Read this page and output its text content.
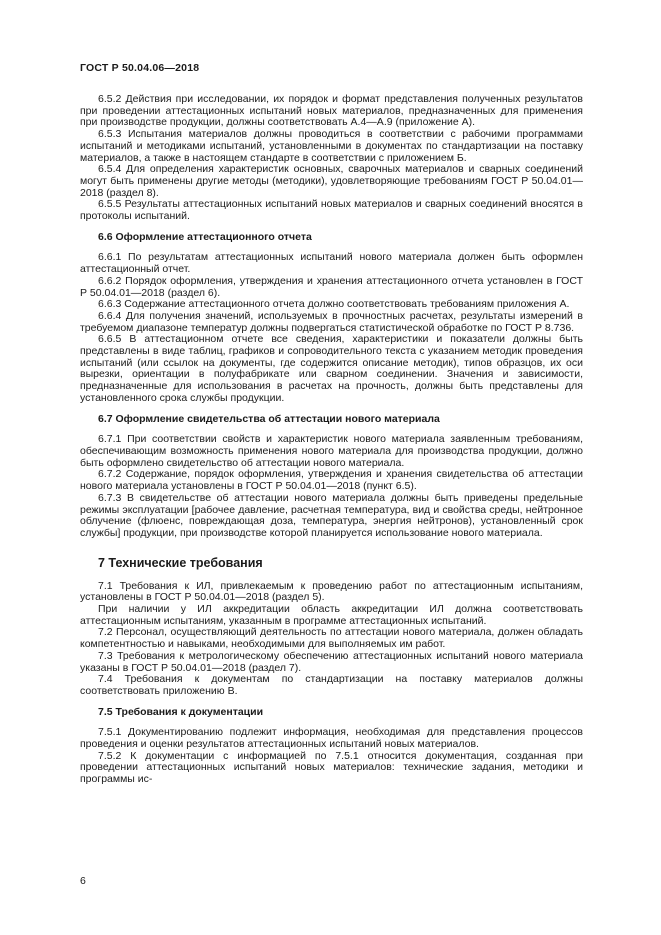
ГОСТ Р 50.04.06—2018

6.5.2 Действия при исследовании, их порядок и формат представления полученных результатов при проведении аттестационных испытаний новых материалов, предназначенных для применения при производстве продукции, должны соответствовать А.4—А.9 (приложение А).

6.5.3 Испытания материалов должны проводиться в соответствии с рабочими программами испытаний и методиками испытаний, установленными в документах по стандартизации на поставку материалов, а также в настоящем стандарте в соответствии с приложением Б.

6.5.4 Для определения характеристик основных, сварочных материалов и сварных соединений могут быть применены другие методы (методики), удовлетворяющие требованиям ГОСТ Р 50.04.01— 2018 (раздел 8).

6.5.5 Результаты аттестационных испытаний новых материалов и сварных соединений вносятся в протоколы испытаний.

6.6 Оформление аттестационного отчета

6.6.1 По результатам аттестационных испытаний нового материала должен быть оформлен аттестационный отчет.

6.6.2 Порядок оформления, утверждения и хранения аттестационного отчета установлен в ГОСТ Р 50.04.01—2018 (раздел 6).

6.6.3 Содержание аттестационного отчета должно соответствовать требованиям приложения А.

6.6.4 Для получения значений, используемых в прочностных расчетах, результаты измерений в требуемом диапазоне температур должны подвергаться статистической обработке по ГОСТ Р 8.736.

6.6.5 В аттестационном отчете все сведения, характеристики и показатели должны быть представлены в виде таблиц, графиков и сопроводительного текста с указанием методик проведения испытаний (или ссылок на документы, где содержится описание методик), типов образцов, их оси вырезки, ориентации в полуфабрикате или сварном соединении. Значения и зависимости, предназначенные для использования в расчетах на прочность, должны быть представлены для установленного срока службы продукции.

6.7 Оформление свидетельства об аттестации нового материала

6.7.1 При соответствии свойств и характеристик нового материала заявленным требованиям, обеспечивающим возможность применения нового материала для производства продукции, должно быть оформлено свидетельство об аттестации нового материала.

6.7.2 Содержание, порядок оформления, утверждения и хранения свидетельства об аттестации нового материала установлены в ГОСТ Р 50.04.01—2018 (пункт 6.5).

6.7.3 В свидетельстве об аттестации нового материала должны быть приведены предельные режимы эксплуатации [рабочее давление, расчетная температура, вид и свойства среды, нейтронное облучение (флюенс, повреждающая доза, температура, энергия нейтронов), установленный срок службы] продукции, при производстве которой планируется использование нового материала.

7 Технические требования

7.1 Требования к ИЛ, привлекаемым к проведению работ по аттестационным испытаниям, установлены в ГОСТ Р 50.04.01—2018 (раздел 5).

При наличии у ИЛ аккредитации область аккредитации ИЛ должна соответствовать аттестационным испытаниям, указанным в программе аттестационных испытаний.

7.2 Персонал, осуществляющий деятельность по аттестации нового материала, должен обладать компетентностью и навыками, необходимыми для выполняемых им работ.

7.3 Требования к метрологическому обеспечению аттестационных испытаний нового материала указаны в ГОСТ Р 50.04.01—2018 (раздел 7).

7.4 Требования к документам по стандартизации на поставку материалов должны соответствовать приложению В.

7.5 Требования к документации

7.5.1 Документированию подлежит информация, необходимая для представления процессов проведения и оценки результатов аттестационных испытаний новых материалов.

7.5.2 К документации с информацией по 7.5.1 относится документация, созданная при проведении аттестационных испытаний новых материалов: технические задания, методики и программы ис-

6
